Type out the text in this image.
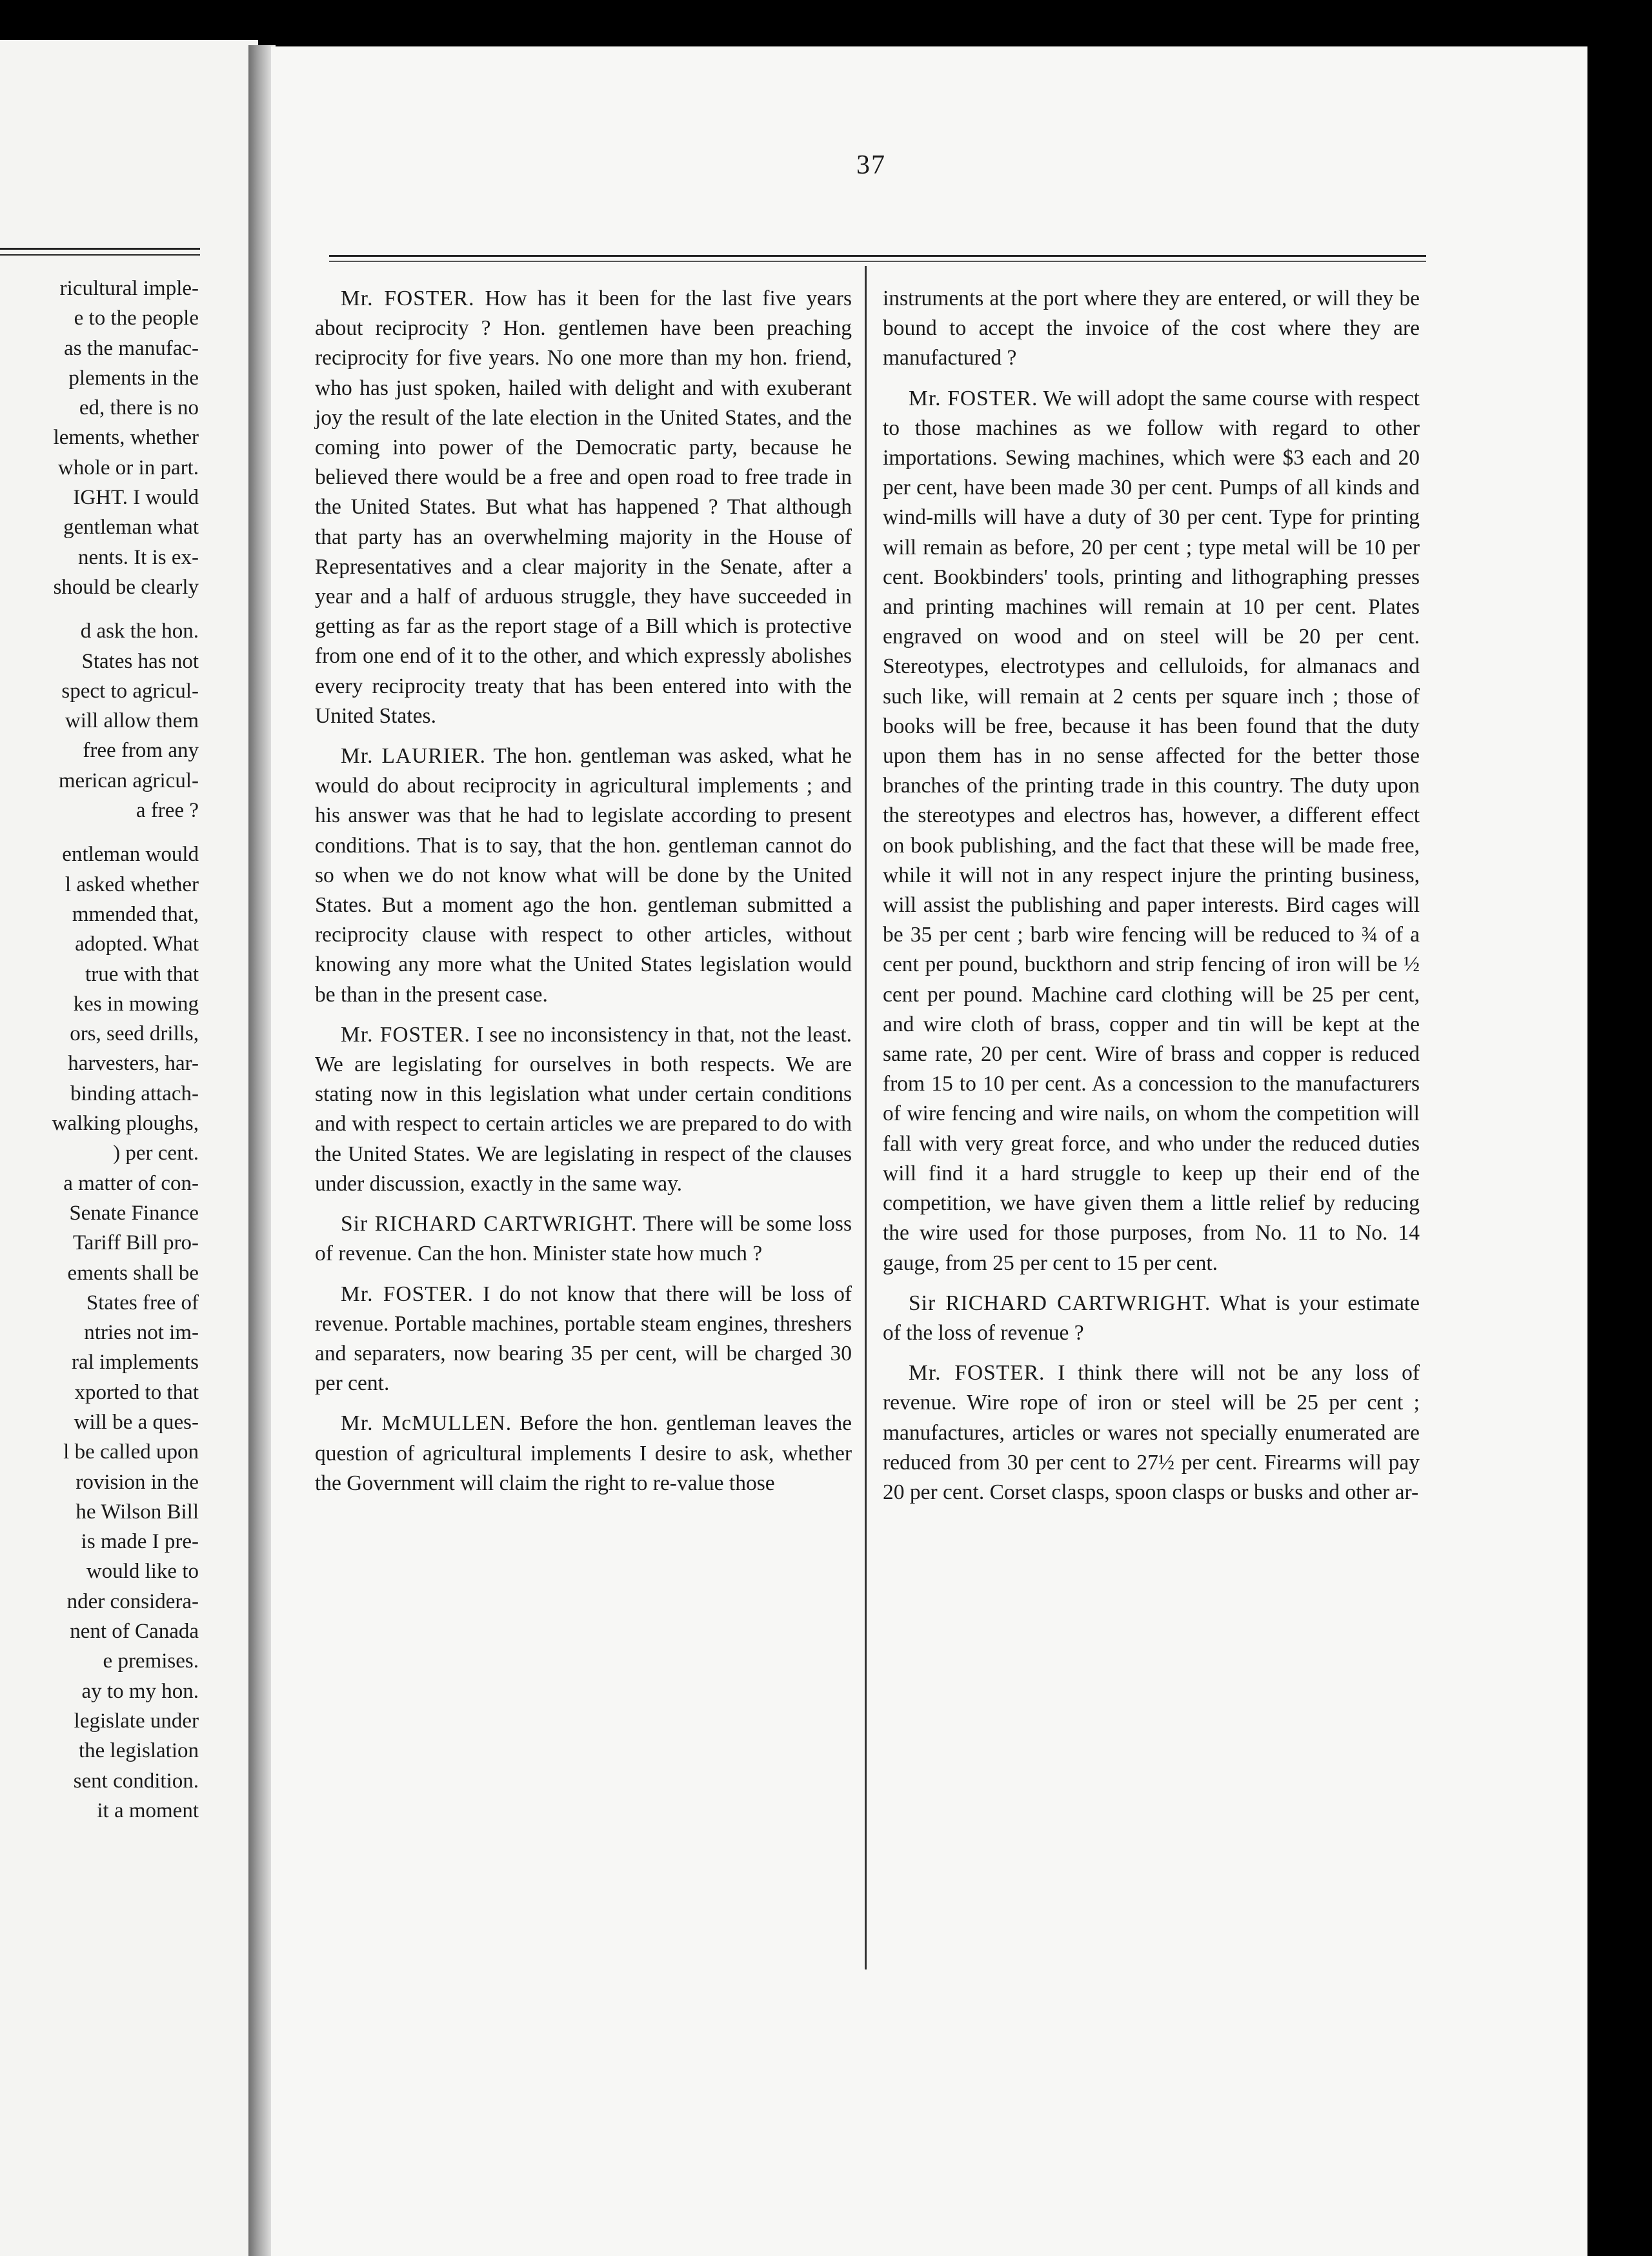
ricultural imple-

e to the people

as the manufac-

plements in the

ed, there is no

lements, whether

whole or in part.

IGHT. I would

gentleman what

nents. It is ex-

should be clearly

d ask the hon.

States has not

spect to agricul-

will allow them

free from any

merican agricul-

a free ?

entleman would

l asked whether

mmended that,

adopted. What

true with that

kes in mowing

ors, seed drills,

harvesters, har-

binding attach-

walking ploughs,

) per cent.

a matter of con-

Senate Finance

Tariff Bill pro-

ements shall be

States free of

ntries not im-

ral implements

xported to that

will be a ques-

l be called upon

rovision in the

he Wilson Bill

is made I pre-

would like to

nder considera-

nent of Canada

e premises.

ay to my hon.

legislate under

the legislation

sent condition.

it a moment

37

Mr. FOSTER. How has it been for the last five years about reciprocity ? Hon. gentlemen have been preaching reciprocity for five years. No one more than my hon. friend, who has just spoken, hailed with delight and with exuberant joy the result of the late election in the United States, and the coming into power of the Democratic party, because he believed there would be a free and open road to free trade in the United States. But what has happened ? That although that party has an overwhelming majority in the House of Representatives and a clear majority in the Senate, after a year and a half of arduous struggle, they have succeeded in getting as far as the report stage of a Bill which is protective from one end of it to the other, and which expressly abolishes every reciprocity treaty that has been entered into with the United States.

Mr. LAURIER. The hon. gentleman was asked, what he would do about reciprocity in agricultural implements ; and his answer was that he had to legislate according to present conditions. That is to say, that the hon. gentleman cannot do so when we do not know what will be done by the United States. But a moment ago the hon. gentleman submitted a reciprocity clause with respect to other articles, without knowing any more what the United States legislation would be than in the present case.

Mr. FOSTER. I see no inconsistency in that, not the least. We are legislating for ourselves in both respects. We are stating now in this legislation what under certain conditions and with respect to certain articles we are prepared to do with the United States. We are legislating in respect of the clauses under discussion, exactly in the same way.

Sir RICHARD CARTWRIGHT. There will be some loss of revenue. Can the hon. Minister state how much ?

Mr. FOSTER. I do not know that there will be loss of revenue. Portable machines, portable steam engines, threshers and separaters, now bearing 35 per cent, will be charged 30 per cent.

Mr. McMULLEN. Before the hon. gentleman leaves the question of agricultural implements I desire to ask, whether the Government will claim the right to re-value those

instruments at the port where they are entered, or will they be bound to accept the invoice of the cost where they are manufactured ?

Mr. FOSTER. We will adopt the same course with respect to those machines as we follow with regard to other importations. Sewing machines, which were $3 each and 20 per cent, have been made 30 per cent. Pumps of all kinds and wind-mills will have a duty of 30 per cent. Type for printing will remain as before, 20 per cent ; type metal will be 10 per cent. Bookbinders' tools, printing and lithographing presses and printing machines will remain at 10 per cent. Plates engraved on wood and on steel will be 20 per cent. Stereotypes, electrotypes and celluloids, for almanacs and such like, will remain at 2 cents per square inch ; those of books will be free, because it has been found that the duty upon them has in no sense affected for the better those branches of the printing trade in this country. The duty upon the stereotypes and electros has, however, a different effect on book publishing, and the fact that these will be made free, while it will not in any respect injure the printing business, will assist the publishing and paper interests. Bird cages will be 35 per cent ; barb wire fencing will be reduced to ¾ of a cent per pound, buckthorn and strip fencing of iron will be ½ cent per pound. Machine card clothing will be 25 per cent, and wire cloth of brass, copper and tin will be kept at the same rate, 20 per cent. Wire of brass and copper is reduced from 15 to 10 per cent. As a concession to the manufacturers of wire fencing and wire nails, on whom the competition will fall with very great force, and who under the reduced duties will find it a hard struggle to keep up their end of the competition, we have given them a little relief by reducing the wire used for those purposes, from No. 11 to No. 14 gauge, from 25 per cent to 15 per cent.

Sir RICHARD CARTWRIGHT. What is your estimate of the loss of revenue ?

Mr. FOSTER. I think there will not be any loss of revenue. Wire rope of iron or steel will be 25 per cent ; manufactures, articles or wares not specially enumerated are reduced from 30 per cent to 27½ per cent. Firearms will pay 20 per cent. Corset clasps, spoon clasps or busks and other ar-
